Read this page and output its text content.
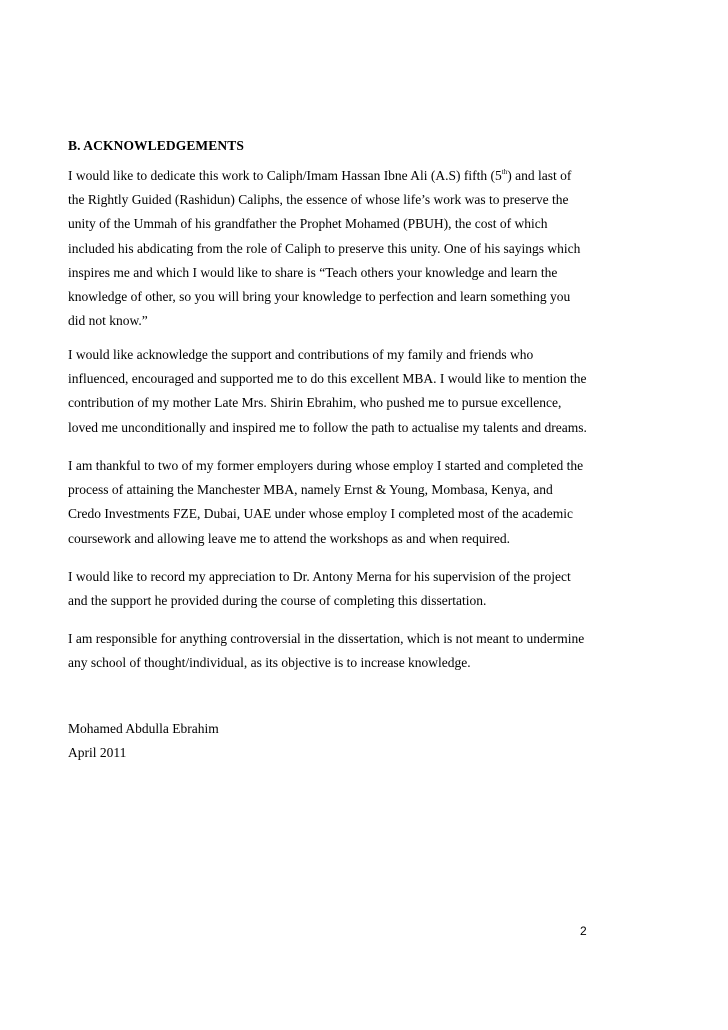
B. ACKNOWLEDGEMENTS
I would like to dedicate this work to Caliph/Imam Hassan Ibne Ali (A.S) fifth (5th) and last of
the Rightly Guided (Rashidun) Caliphs, the essence of whose life’s work was to preserve the
unity of the Ummah of his grandfather the Prophet Mohamed (PBUH), the cost of which
included his abdicating from the role of Caliph to preserve this unity. One of his sayings which
inspires me and which I would like to share is “Teach others your knowledge and learn the
knowledge of other, so you will bring your knowledge to perfection and learn something you
did not know.”
I would like acknowledge the support and contributions of my family and friends who
influenced, encouraged and supported me to do this excellent MBA. I would like to mention the
contribution of my mother Late Mrs. Shirin Ebrahim, who pushed me to pursue excellence,
loved me unconditionally and inspired me to follow the path to actualise my talents and dreams.
I am thankful to two of my former employers during whose employ I started and completed the
process of attaining the Manchester MBA, namely Ernst & Young, Mombasa, Kenya, and
Credo Investments FZE, Dubai, UAE under whose employ I completed most of the academic
coursework and allowing leave me to attend the workshops as and when required.
I would like to record my appreciation to Dr. Antony Merna for his supervision of the project
and the support he provided during the course of completing this dissertation.
I am responsible for anything controversial in the dissertation, which is not meant to undermine
any school of thought/individual, as its objective is to increase knowledge.
Mohamed Abdulla Ebrahim
April 2011
2
